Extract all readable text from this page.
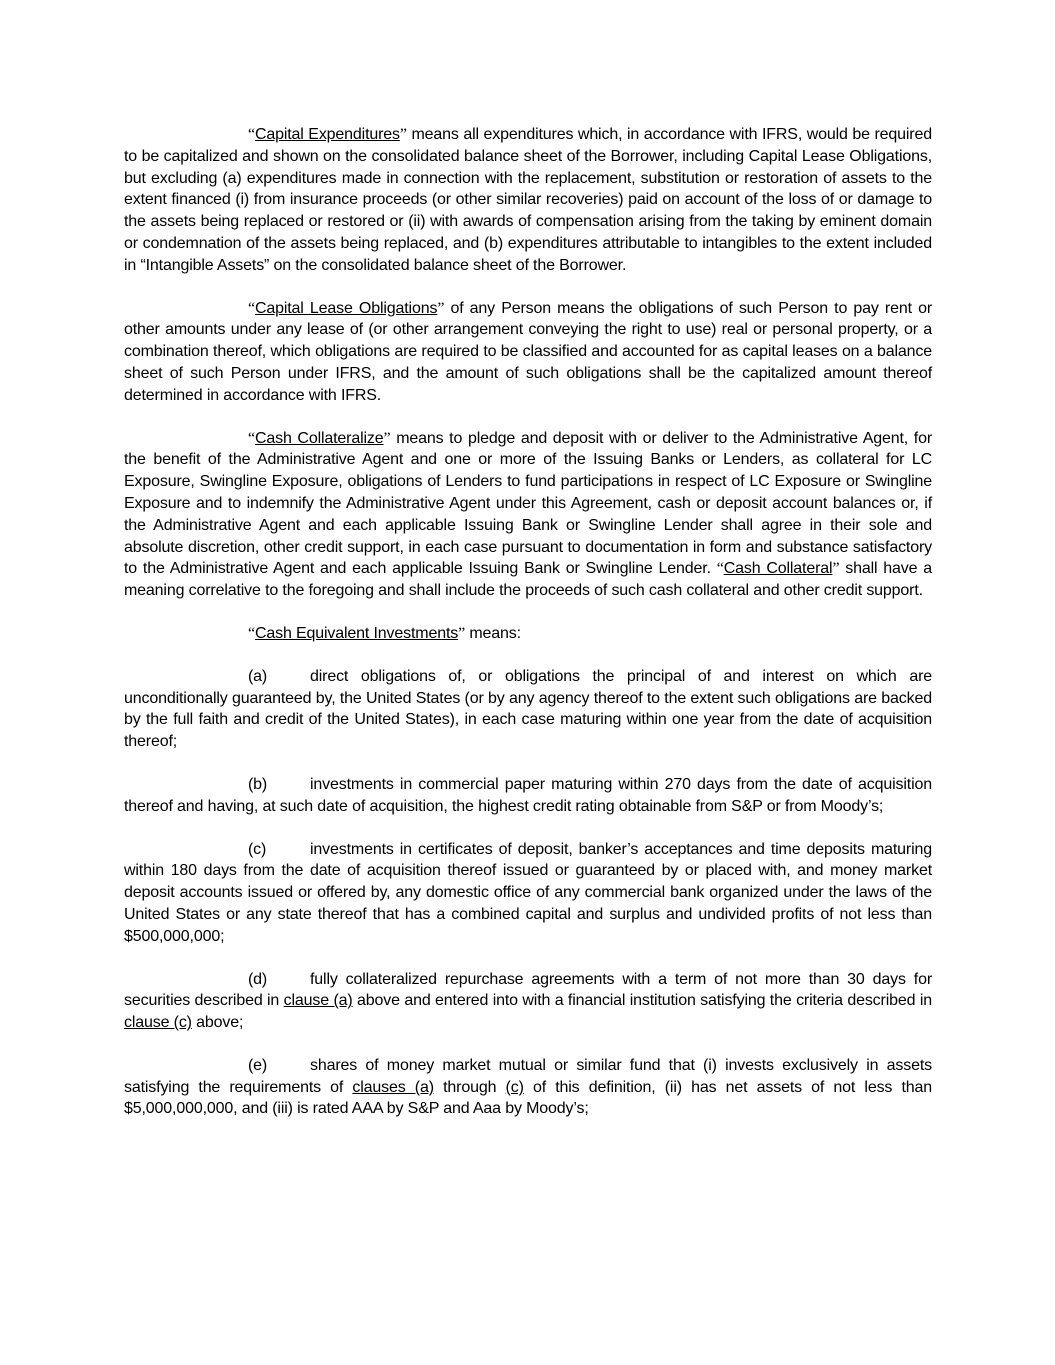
“Capital Expenditures” means all expenditures which, in accordance with IFRS, would be required to be capitalized and shown on the consolidated balance sheet of the Borrower, including Capital Lease Obligations, but excluding (a) expenditures made in connection with the replacement, substitution or restoration of assets to the extent financed (i) from insurance proceeds (or other similar recoveries) paid on account of the loss of or damage to the assets being replaced or restored or (ii) with awards of compensation arising from the taking by eminent domain or condemnation of the assets being replaced, and (b) expenditures attributable to intangibles to the extent included in “Intangible Assets” on the consolidated balance sheet of the Borrower.

“Capital Lease Obligations” of any Person means the obligations of such Person to pay rent or other amounts under any lease of (or other arrangement conveying the right to use) real or personal property, or a combination thereof, which obligations are required to be classified and accounted for as capital leases on a balance sheet of such Person under IFRS, and the amount of such obligations shall be the capitalized amount thereof determined in accordance with IFRS.

“Cash Collateralize” means to pledge and deposit with or deliver to the Administrative Agent, for the benefit of the Administrative Agent and one or more of the Issuing Banks or Lenders, as collateral for LC Exposure, Swingline Exposure, obligations of Lenders to fund participations in respect of LC Exposure or Swingline Exposure and to indemnify the Administrative Agent under this Agreement, cash or deposit account balances or, if the Administrative Agent and each applicable Issuing Bank or Swingline Lender shall agree in their sole and absolute discretion, other credit support, in each case pursuant to documentation in form and substance satisfactory to the Administrative Agent and each applicable Issuing Bank or Swingline Lender. “Cash Collateral” shall have a meaning correlative to the foregoing and shall include the proceeds of such cash collateral and other credit support.

“Cash Equivalent Investments” means:

(a)	direct obligations of, or obligations the principal of and interest on which are unconditionally guaranteed by, the United States (or by any agency thereof to the extent such obligations are backed by the full faith and credit of the United States), in each case maturing within one year from the date of acquisition thereof;

(b)	investments in commercial paper maturing within 270 days from the date of acquisition thereof and having, at such date of acquisition, the highest credit rating obtainable from S&P or from Moody’s;

(c)	investments in certificates of deposit, banker’s acceptances and time deposits maturing within 180 days from the date of acquisition thereof issued or guaranteed by or placed with, and money market deposit accounts issued or offered by, any domestic office of any commercial bank organized under the laws of the United States or any state thereof that has a combined capital and surplus and undivided profits of not less than $500,000,000;

(d)	fully collateralized repurchase agreements with a term of not more than 30 days for securities described in clause (a) above and entered into with a financial institution satisfying the criteria described in clause (c) above;

(e)	shares of money market mutual or similar fund that (i) invests exclusively in assets satisfying the requirements of clauses (a) through (c) of this definition, (ii) has net assets of not less than $5,000,000,000, and (iii) is rated AAA by S&P and Aaa by Moody’s;
